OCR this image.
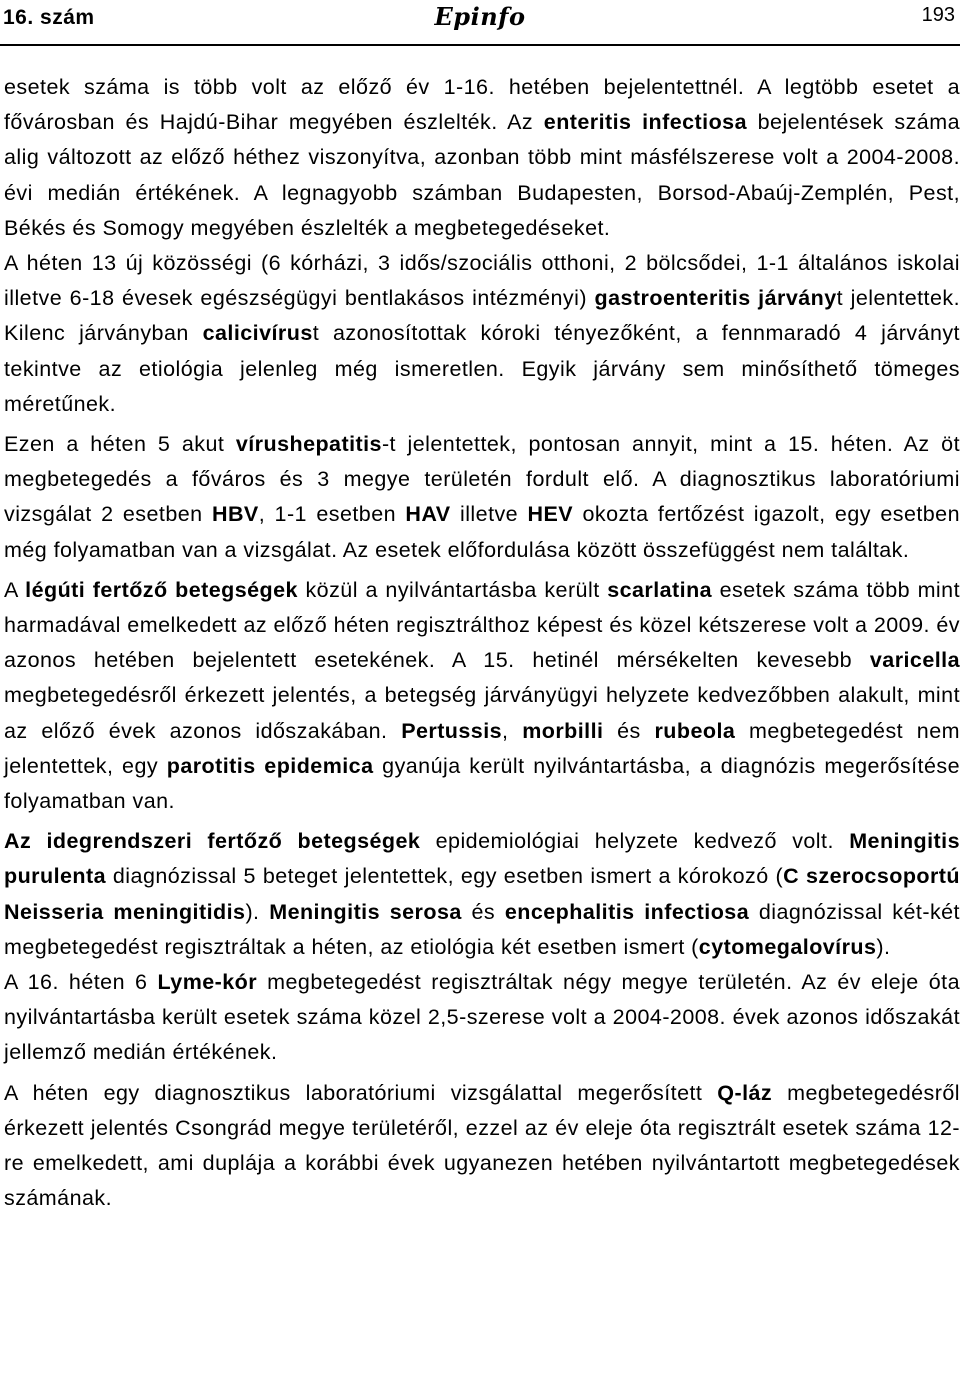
16. szám	Epinfo	193

esetek száma is több volt az előző év 1-16. hetében bejelentettnél. A legtöbb esetet a fővárosban és Hajdú-Bihar megyében észlelték. Az enteritis infectiosa bejelentések száma alig változott az előző héthez viszonyítva, azonban több mint másfélszerese volt a 2004-2008. évi medián értékének. A legnagyobb számban Budapesten, Borsod-Abaúj-Zemplén, Pest, Békés és Somogy megyében észlelték a megbetegedéseket.

A héten 13 új közösségi (6 kórházi, 3 idős/szociális otthoni, 2 bölcsődei, 1-1 általános iskolai illetve 6-18 évesek egészségügyi bentlakásos intézményi) gastroenteritis járványt jelentettek. Kilenc járványban calicivírust azonosítottak kóroki tényezőként, a fennmaradó 4 járványt tekintve az etiológia jelenleg még ismeretlen. Egyik járvány sem minősíthető tömeges méretűnek.

Ezen a héten 5 akut vírushepatitis-t jelentettek, pontosan annyit, mint a 15. héten. Az öt megbetegedés a főváros és 3 megye területén fordult elő. A diagnosztikus laboratóriumi vizsgálat 2 esetben HBV, 1-1 esetben HAV illetve HEV okozta fertőzést igazolt, egy esetben még folyamatban van a vizsgálat. Az esetek előfordulása között összefüggést nem találtak.

A légúti fertőző betegségek közül a nyilvántartásba került scarlatina esetek száma több mint harmadával emelkedett az előző héten regisztrálthoz képest és közel kétszerese volt a 2009. év azonos hetében bejelentett esetekének. A 15. hetinél mérsékelten kevesebb varicella megbetegedésről érkezett jelentés, a betegség járványügyi helyzete kedvezőbben alakult, mint az előző évek azonos időszakában. Pertussis, morbilli és rubeola megbetegedést nem jelentettek, egy parotitis epidemica gyanúja került nyilvántartásba, a diagnózis megerősítése folyamatban van.

Az idegrendszeri fertőző betegségek epidemiológiai helyzete kedvező volt. Meningitis purulenta diagnózissal 5 beteget jelentettek, egy esetben ismert a kórokozó (C szerocsoportú Neisseria meningitidis). Meningitis serosa és encephalitis infectiosa diagnózissal két-két megbetegedést regisztráltak a héten, az etiológia két esetben ismert (cytomegalovírus).

A 16. héten 6 Lyme-kór megbetegedést regisztráltak négy megye területén. Az év eleje óta nyilvántartásba került esetek száma közel 2,5-szerese volt a 2004-2008. évek azonos időszakát jellemző medián értékének.

A héten egy diagnosztikus laboratóriumi vizsgálattal megerősített Q-láz megbetegedésről érkezett jelentés Csongrád megye területéről, ezzel az év eleje óta regisztrált esetek száma 12-re emelkedett, ami duplája a korábbi évek ugyanezen hetében nyilvántartott megbetegedések számának.
